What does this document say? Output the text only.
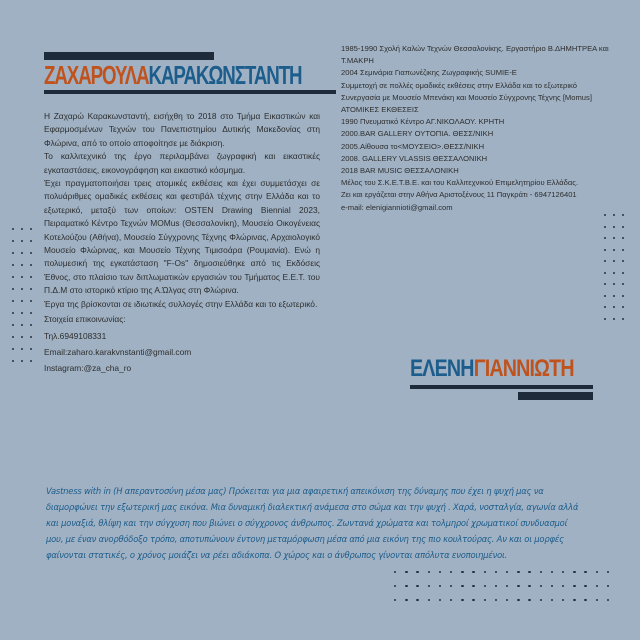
ΖΑΧΑΡΟΥΛΑΚΑΡΑΚΩΝΣΤΑΝΤΗ

Η Ζαχαρώ Καρακωνσταντή, εισήχθη το 2018 στο Τμήμα Εικαστικών και Εφαρμοσμένων Τεχνών του Πανεπιστημίου Δυτικής Μακεδονίας στη Φλώρινα, από το οποίο αποφοίτησε με διάκριση.

Το καλλιτεχνικό της έργο περιλαμβάνει ζωγραφική και εικαστικές εγκαταστάσεις, εικονογράφηση και εικαστικό κόσμημα.

Έχει πραγματοποιήσει τρεις ατομικές εκθέσεις και έχει συμμετάσχει σε πολυάριθμες ομαδικές εκθέσεις και φεστιβάλ τέχνης στην Ελλάδα και το εξωτερικό, μεταξύ των οποίων: OSTEN Drawing Biennial 2023, Πειραματικό Κέντρο Τεχνών MOMus (Θεσσαλονίκη), Μουσείο Οικογένειας Κοτελούζου (Αθήνα), Μουσείο Σύγχρονης Τέχνης Φλώρινας, Αρχαιολογικό Μουσείο Φλώρινας, και Μουσείο Τέχνης Τιμισοάρα (Ρουμανία). Ενώ η πολυμεσική της εγκατάσταση "F-Os" δημοσιεύθηκε από τις Εκδόσεις Έθνος, στο πλαίσιο των διπλωματικών εργασιών του Τμήματος Ε.Ε.Τ. του Π.Δ.Μ στο ιστορικό κτίριο της Α.Ώλγας στη Φλώρινα.

Έργα της βρίσκονται σε ιδιωτικές συλλογές στην Ελλάδα και το εξωτερικό.

Στοιχεία επικοινωνίας:

Τηλ.6949108331

Email:zaharo.karakvnstanti@gmail.com

Instagram:@za_cha_ro

1985-1990 Σχολή Καλών Τεχνών Θεσσαλονίκης. Εργαστήριο Β.ΔΗΜΗΤΡΕΑ και Τ.ΜΑΚΡΗ

2004 Σεμινάρια Γιαπωνέζικης Ζωγραφικής SUMIE-E

Συμμετοχή σε πολλές ομαδικές εκθέσεις στην Ελλάδα και το εξωτερικό

Συνεργασία με Μουσείο Μπενάκη και Μουσείο Σύγχρονης Τέχνης [Momus]

ΑΤΟΜΙΚΕΣ ΕΚΘΕΣΕΙΣ

1990 Πνευματικό Κέντρο ΑΓ.ΝΙΚΟΛΑΟΥ. ΚΡΗΤΗ

2000.BAR GALLERY ΟΥΤΟΠΙΑ. ΘΕΣΣ/ΝΙΚΗ

2005.Αίθουσα το<ΜΟΥΣΕΙΟ>.ΘΕΣΣ/ΝΙΚΗ

2008. GALLERY VLASSIS ΘΕΣΣΑΛΟΝΙΚΗ

2018 BAR MUSIC ΘΕΣΣΑΛΟΝΙΚΗ

Μέλος του Σ.Κ.Ε.Τ.Β.Ε. και του Καλλιτεχνικού Επιμελητηρίου Ελλάδας.

Ζει και εργάζεται στην Αθήνα Αριστοξένους 11 Παγκράτι - 6947126401

e-mail: elenigiannioti@gmail.com

ΕΛΕΝΗΓΙΑΝΝΙΩΤΗ
Vastness with in (Η απεραντοσύνη μέσα μας) Πρόκειται για μια αφαιρετική απεικόνιση της δύναμης που έχει η ψυχή μας να διαμορφώνει την εξωτερική μας εικόνα. Μια δυναμική διαλεκτική ανάμεσα στο σώμα και την ψυχή . Χαρά, νοσταλγία, αγωνία αλλά και μοναξιά, θλίψη και την σύγχυση που βιώνει ο σύγχρονος άνθρωπος. Ζωντανά χρώματα και τολμηροί χρωματικοί συνδυασμοί μου, με έναν ανορθόδοξο τρόπο, αποτυπώνουν έντονη μεταμόρφωση μέσα από μια εικόνη της πιο κουλτούρας. Αν και οι μορφές φαίνονται στατικές, ο χρόνος μοιάζει να ρέει αδιάκοπα. Ο χώρος και ο άνθρωπος γίνονται απόλυτα ενοποιημένοι.
